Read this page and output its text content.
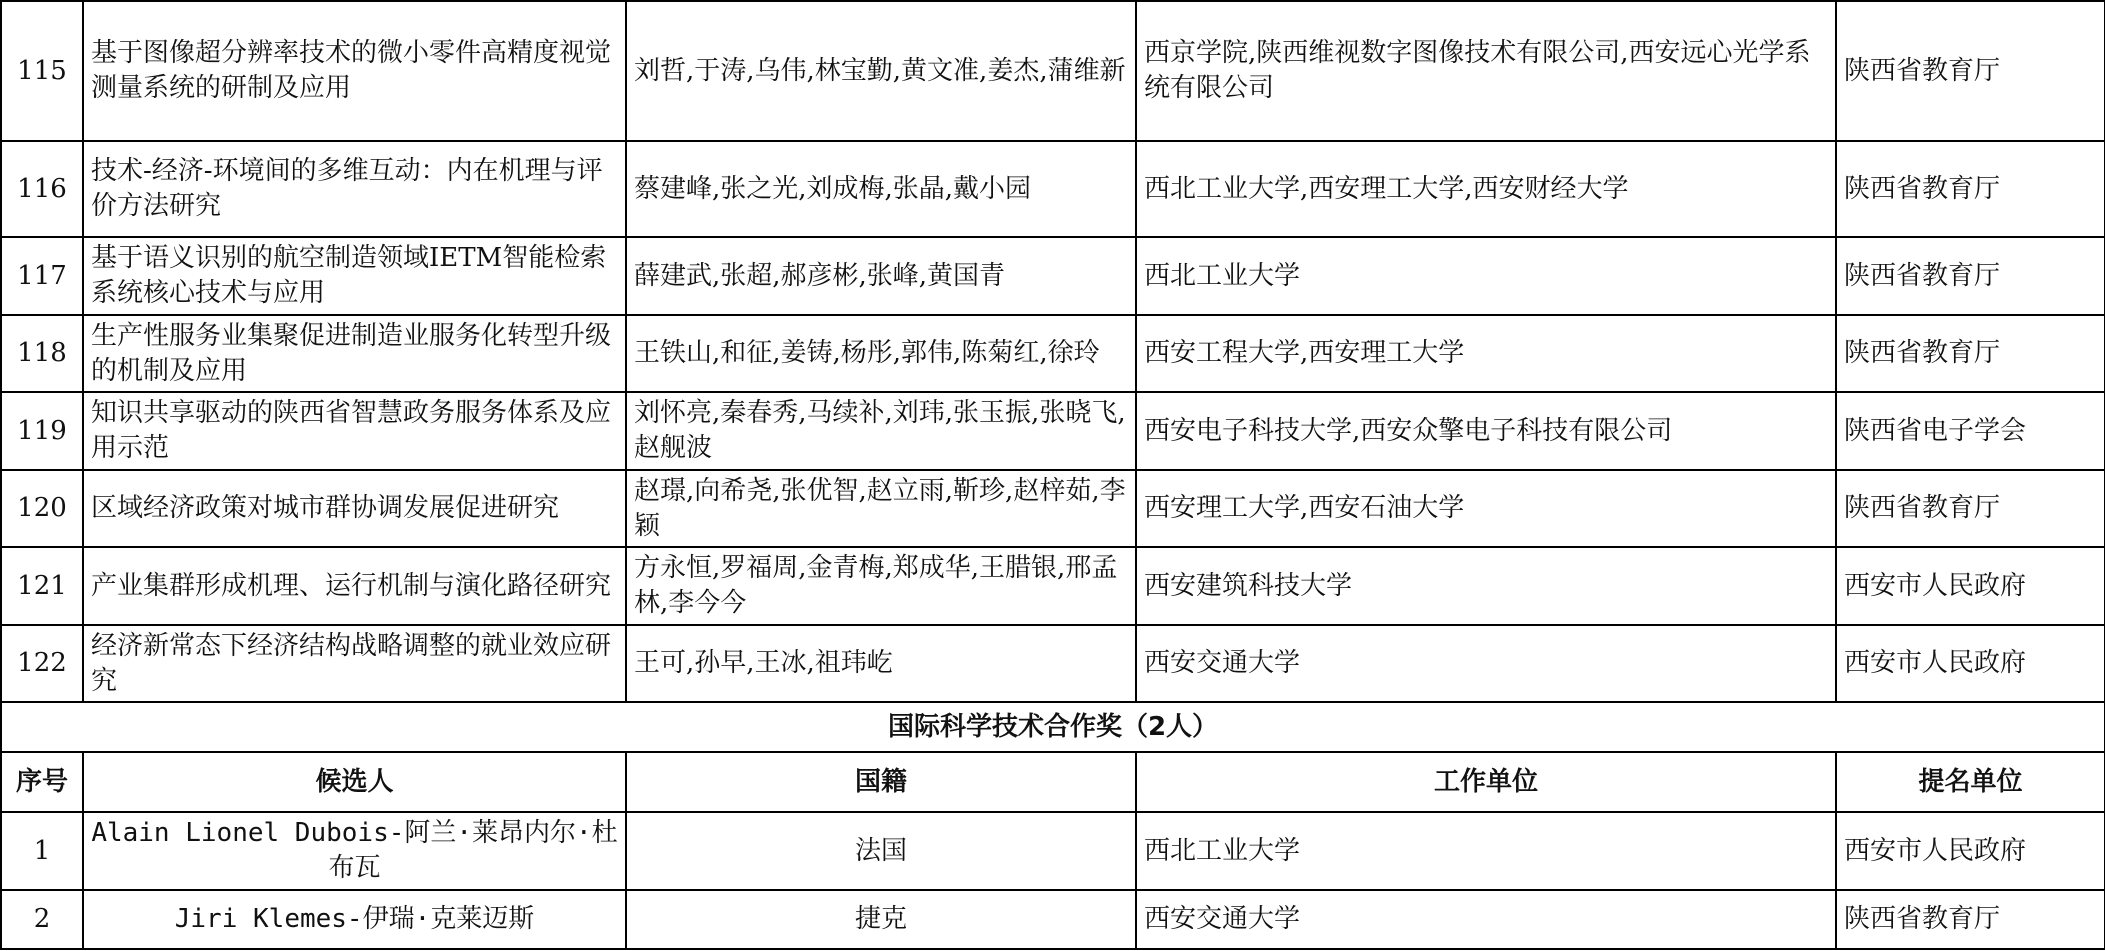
115	基于图像超分辨率技术的微小零件高精度视觉测量系统的研制及应用	刘哲,于涛,乌伟,林宝勤,黄文准,姜杰,蒲维新	西京学院,陕西维视数字图像技术有限公司,西安远心光学系统有限公司	陕西省教育厅
116	技术-经济-环境间的多维互动：内在机理与评价方法研究	蔡建峰,张之光,刘成梅,张晶,戴小园	西北工业大学,西安理工大学,西安财经大学	陕西省教育厅
117	基于语义识别的航空制造领域IETM智能检索系统核心技术与应用	薛建武,张超,郝彦彬,张峰,黄国青	西北工业大学	陕西省教育厅
118	生产性服务业集聚促进制造业服务化转型升级的机制及应用	王铁山,和征,姜铸,杨彤,郭伟,陈菊红,徐玲	西安工程大学,西安理工大学	陕西省教育厅
119	知识共享驱动的陕西省智慧政务服务体系及应用示范	刘怀亮,秦春秀,马续补,刘玮,张玉振,张晓飞,赵舰波	西安电子科技大学,西安众擎电子科技有限公司	陕西省电子学会
120	区域经济政策对城市群协调发展促进研究	赵璟,向希尧,张优智,赵立雨,靳珍,赵梓茹,李颖	西安理工大学,西安石油大学	陕西省教育厅
121	产业集群形成机理、运行机制与演化路径研究	方永恒,罗福周,金青梅,郑成华,王腊银,邢孟林,李今今	西安建筑科技大学	西安市人民政府
122	经济新常态下经济结构战略调整的就业效应研究	王可,孙早,王冰,祖玮屹	西安交通大学	西安市人民政府
国际科学技术合作奖（2人）				
序号	候选人	国籍	工作单位	提名单位
1	Alain Lionel Dubois-阿兰·莱昂内尔·杜布瓦	法国	西北工业大学	西安市人民政府
2	Jiri Klemes-伊瑞·克莱迈斯	捷克	西安交通大学	陕西省教育厅
